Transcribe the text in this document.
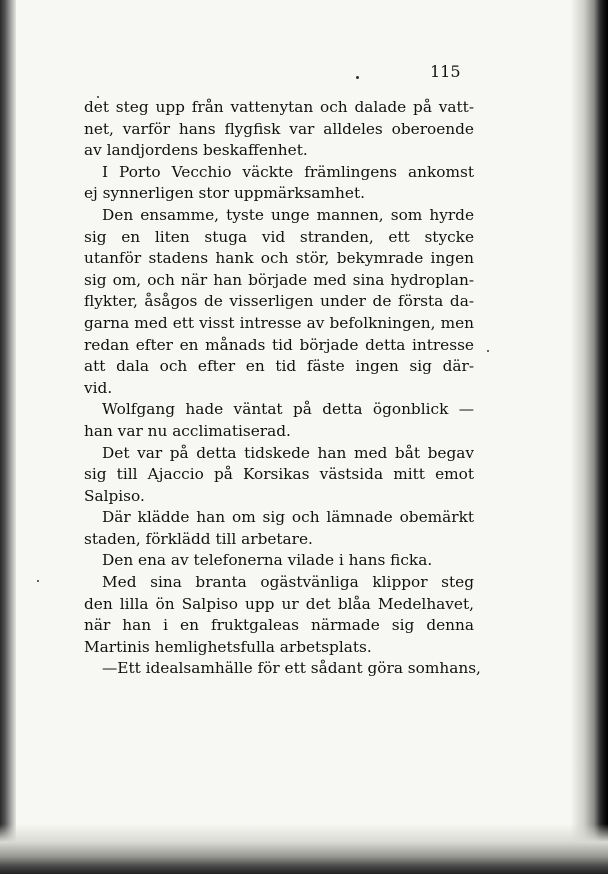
115
det steg upp från vattenytan och dalade på vatt-
net, varför hans flygfisk var alldeles oberoende
av landjordens beskaffenhet.
I Porto Vecchio väckte främlingens ankomst
ej synnerligen stor uppmärksamhet.
Den ensamme, tyste unge mannen, som hyrde
sig en liten stuga vid stranden, ett stycke
utanför stadens hank och stör, bekymrade ingen
sig om, och när han började med sina hydroplan-
flykter, åsågos de visserligen under de första da-
garna med ett visst intresse av befolkningen, men
redan efter en månads tid började detta intresse
att dala och efter en tid fäste ingen sig där-
vid.
Wolfgang hade väntat på detta ögonblick —
han var nu acclimatiserad.
Det var på detta tidskede han med båt begav
sig till Ajaccio på Korsikas västsida mitt emot
Salpiso.
Där klädde han om sig och lämnade obemärkt
staden, förklädd till arbetare.
Den ena av telefonerna vilade i hans ficka.
Med sina branta ogästvänliga klippor steg
den lilla ön Salpiso upp ur det blåa Medelhavet,
när han i en fruktgaleas närmade sig denna
Martinis hemlighetsfulla arbetsplats.
—Ett idealsamhälle för ett sådant göra somhans,
